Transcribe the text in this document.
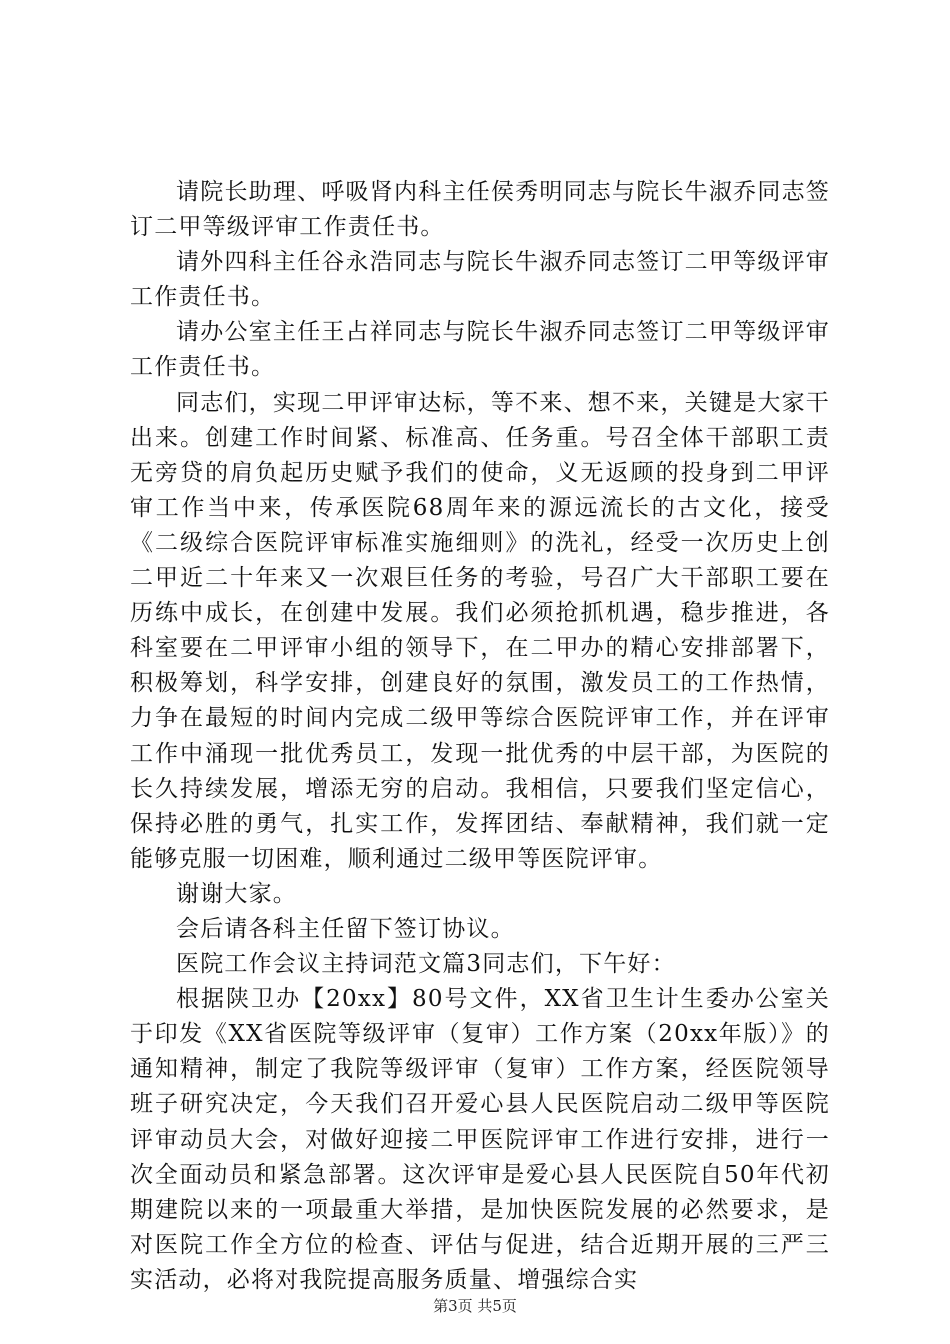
请院长助理、呼吸肾内科主任侯秀明同志与院长牛淑乔同志签订二甲等级评审工作责任书。

请外四科主任谷永浩同志与院长牛淑乔同志签订二甲等级评审工作责任书。

请办公室主任王占祥同志与院长牛淑乔同志签订二甲等级评审工作责任书。

同志们，实现二甲评审达标，等不来、想不来，关键是大家干出来。创建工作时间紧、标准高、任务重。号召全体干部职工责无旁贷的肩负起历史赋予我们的使命，义无返顾的投身到二甲评审工作当中来，传承医院68周年来的源远流长的古文化，接受《二级综合医院评审标准实施细则》的洗礼，经受一次历史上创二甲近二十年来又一次艰巨任务的考验，号召广大干部职工要在历练中成长，在创建中发展。我们必须抢抓机遇，稳步推进，各科室要在二甲评审小组的领导下，在二甲办的精心安排部署下，积极筹划，科学安排，创建良好的氛围，激发员工的工作热情，力争在最短的时间内完成二级甲等综合医院评审工作，并在评审工作中涌现一批优秀员工，发现一批优秀的中层干部，为医院的长久持续发展，增添无穷的启动。我相信，只要我们坚定信心，保持必胜的勇气，扎实工作，发挥团结、奉献精神，我们就一定能够克服一切困难，顺利通过二级甲等医院评审。

谢谢大家。

会后请各科主任留下签订协议。

医院工作会议主持词范文篇3同志们，下午好：

根据陕卫办【20xx】80号文件，XX省卫生计生委办公室关于印发《XX省医院等级评审（复审）工作方案（20xx年版）》的通知精神，制定了我院等级评审（复审）工作方案，经医院领导班子研究决定，今天我们召开爱心县人民医院启动二级甲等医院评审动员大会，对做好迎接二甲医院评审工作进行安排，进行一次全面动员和紧急部署。这次评审是爱心县人民医院自50年代初期建院以来的一项最重大举措，是加快医院发展的必然要求，是对医院工作全方位的检查、评估与促进，结合近期开展的三严三实活动，必将对我院提高服务质量、增强综合实

第3页 共5页
